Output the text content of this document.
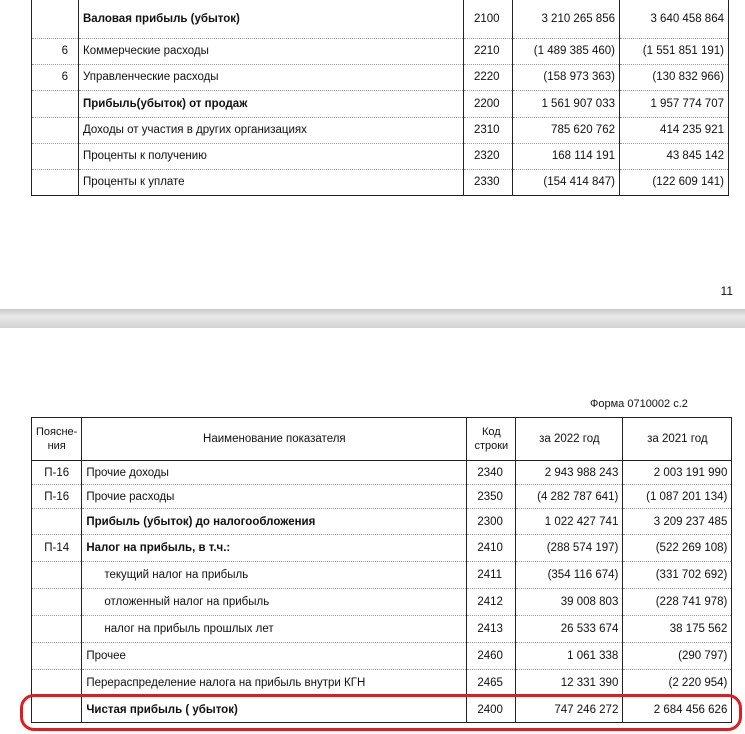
	Валовая прибыль (убыток)	2100	3 210 265 856	3 640 458 864
6	Коммерческие расходы	2210	(1 489 385 460)	(1 551 851 191)
6	Управленческие расходы	2220	(158 973 363)	(130 832 966)
	Прибыль(убыток) от продаж	2200	1 561 907 033	1 957 774 707
	Доходы от участия в других организациях	2310	785 620 762	414 235 921
	Проценты к получению	2320	168 114 191	43 845 142
	Проценты к уплате	2330	(154 414 847)	(122 609 141)
11
Форма 0710002 с.2
Поясне-ния	Наименование показателя	Код строки	за 2022 год	за 2021 год
П-16	Прочие доходы	2340	2 943 988 243	2 003 191 990
П-16	Прочие расходы	2350	(4 282 787 641)	(1 087 201 134)
	Прибыль (убыток) до налогообложения	2300	1 022 427 741	3 209 237 485
П-14	Налог на прибыль, в т.ч.:	2410	(288 574 197)	(522 269 108)
	текущий налог на прибыль	2411	(354 116 674)	(331 702 692)
	отложенный налог на прибыль	2412	39 008 803	(228 741 978)
	налог на прибыль прошлых лет	2413	26 533 674	38 175 562
	Прочее	2460	1 061 338	(290 797)
	Перераспределение налога на прибыль внутри КГН	2465	12 331 390	(2 220 954)
	Чистая прибыль ( убыток)	2400	747 246 272	2 684 456 626
